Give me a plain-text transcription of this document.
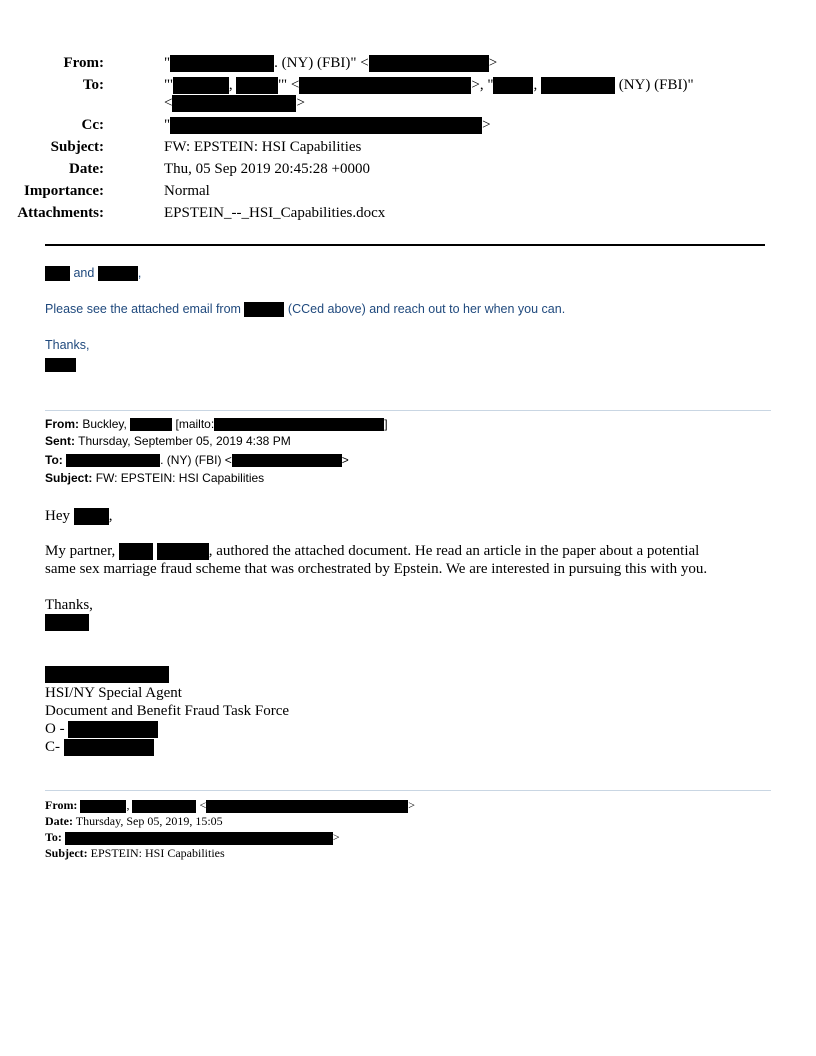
From:	"	. (NY) (FBI)" <	>
To:	"'	,	'" <	>, "	,	(NY) (FBI)"
<	>
Cc:	"	>
Subject:	FW: EPSTEIN: HSI Capabilities
Date:	Thu, 05 Sep 2019 20:45:28 +0000
Importance:	Normal
Attachments:	EPSTEIN_--_HSI_Capabilities.docx
and	,
Please see the attached email from	(CCed above) and reach out to her when you can.
Thanks,
From: Buckley,	[mailto:	]
Sent: Thursday, September 05, 2019 4:38 PM
To:	. (NY) (FBI) <	>
Subject: FW: EPSTEIN: HSI Capabilities
Hey	,
My partner,	, authored the attached document. He read an article in the paper about a potential
same sex marriage fraud scheme that was orchestrated by Epstein. We are interested in pursuing this with you.
Thanks,
HSI/NY Special Agent
Document and Benefit Fraud Task Force
O -
C-
From:	,	<	>
Date: Thursday, Sep 05, 2019, 15:05
To:	>
Subject: EPSTEIN: HSI Capabilities
